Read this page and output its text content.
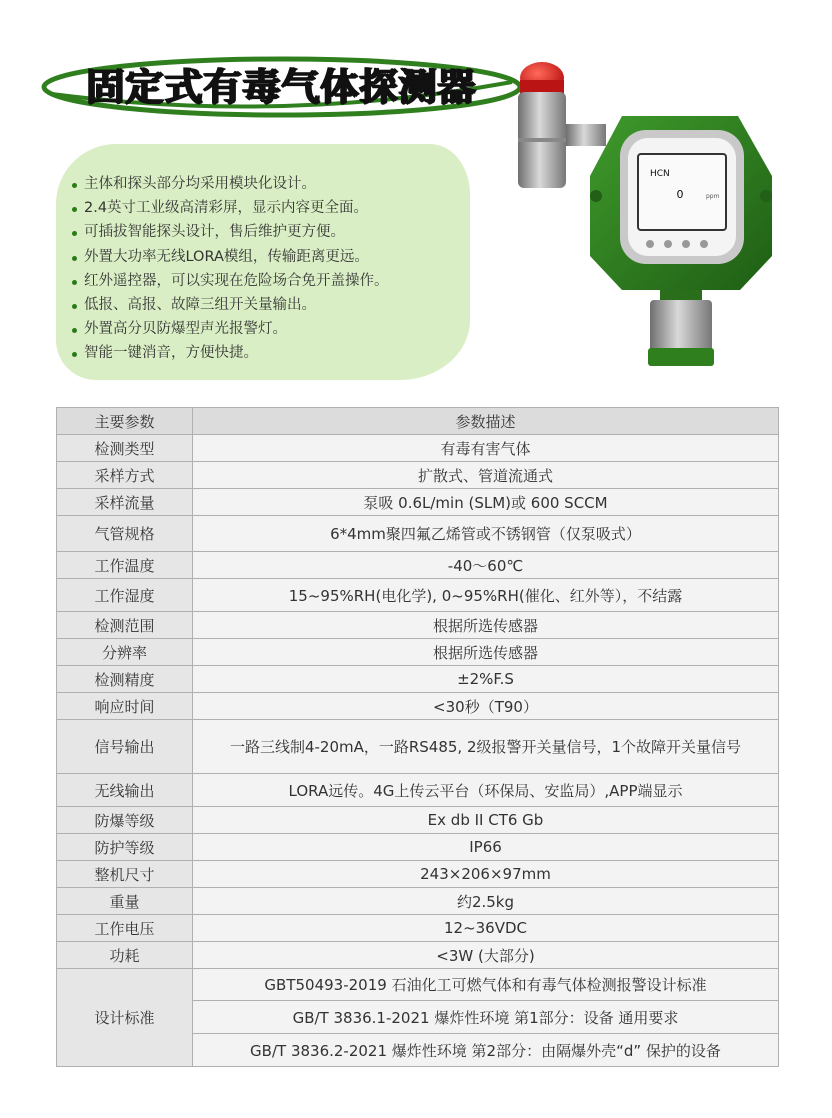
固定式有毒气体探测器
主体和探头部分均采用模块化设计。
2.4英寸工业级高清彩屏，显示内容更全面。
可插拔智能探头设计，售后维护更方便。
外置大功率无线LORA模组，传输距离更远。
红外遥控器，可以实现在危险场合免开盖操作。
低报、高报、故障三组开关量输出。
外置高分贝防爆型声光报警灯。
智能一键消音，方便快捷。
HCN
0	ppm
主要参数	参数描述
检测类型	有毒有害气体
采样方式	扩散式、管道流通式
采样流量	泵吸 0.6L/min (SLM)或 600 SCCM
气管规格	6*4mm聚四氟乙烯管或不锈钢管（仅泵吸式）
工作温度	-40～60℃
工作湿度	15~95%RH(电化学), 0~95%RH(催化、红外等），不结露
检测范围	根据所选传感器
分辨率	根据所选传感器
检测精度	±2%F.S
响应时间	<30秒（T90）
信号输出	一路三线制4-20mA，一路RS485, 2级报警开关量信号，1个故障开关量信号
无线输出	LORA远传。4G上传云平台（环保局、安监局）,APP端显示
防爆等级	Ex db II CT6 Gb
防护等级	IP66
整机尺寸	243×206×97mm
重量	约2.5kg
工作电压	12~36VDC
功耗	<3W (大部分)
设计标准	GBT50493-2019 石油化工可燃气体和有毒气体检测报警设计标准
	GB/T 3836.1-2021 爆炸性环境 第1部分：设备 通用要求
	GB/T 3836.2-2021 爆炸性环境 第2部分：由隔爆外壳“d” 保护的设备
